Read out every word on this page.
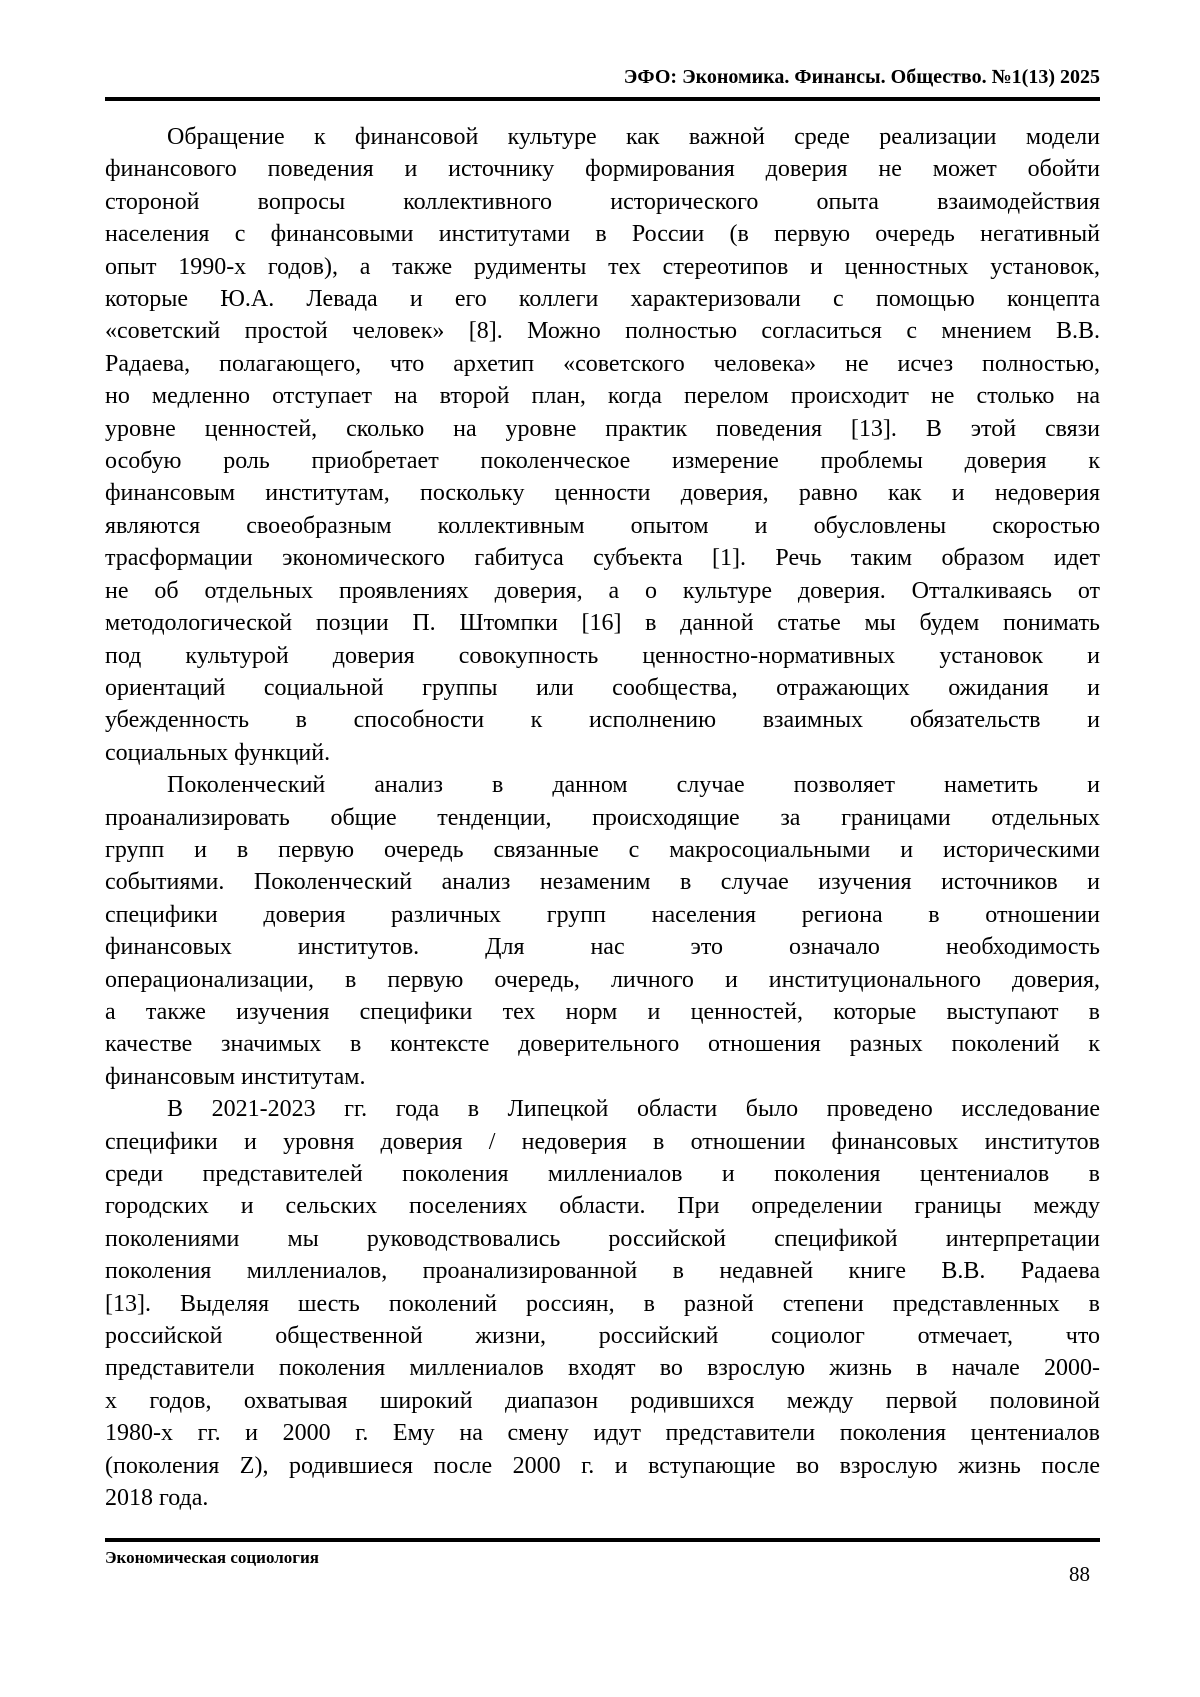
ЭФО: Экономика. Финансы. Общество. №1(13) 2025
Обращение к финансовой культуре как важной среде реализации модели
финансового поведения и источнику формирования доверия не может обойти
стороной вопросы коллективного исторического опыта взаимодействия
населения с финансовыми институтами в России (в первую очередь негативный
опыт 1990-х годов), а также рудименты тех стереотипов и ценностных установок,
которые Ю.А. Левада и его коллеги характеризовали с помощью концепта
«советский простой человек» [8]. Можно полностью согласиться с мнением В.В.
Радаева, полагающего, что архетип «советского человека» не исчез полностью,
но медленно отступает на второй план, когда перелом происходит не столько на
уровне ценностей, сколько на уровне практик поведения [13]. В этой связи
особую роль приобретает поколенческое измерение проблемы доверия к
финансовым институтам, поскольку ценности доверия, равно как и недоверия
являются своеобразным коллективным опытом и обусловлены скоростью
трасформации экономического габитуса субъекта [1]. Речь таким образом идет
не об отдельных проявлениях доверия, а о культуре доверия. Отталкиваясь от
методологической позции П. Штомпки [16] в данной статье мы будем понимать
под культурой доверия совокупность ценностно-нормативных установок и
ориентаций социальной группы или сообщества, отражающих ожидания и
убежденность в способности к исполнению взаимных обязательств и
социальных функций.
Поколенческий анализ в данном случае позволяет наметить и
проанализировать общие тенденции, происходящие за границами отдельных
групп и в первую очередь связанные с макросоциальными и историческими
событиями. Поколенческий анализ незаменим в случае изучения источников и
специфики доверия различных групп населения региона в отношении
финансовых институтов. Для нас это означало необходимость
операционализации, в первую очередь, личного и институционального доверия,
а также изучения специфики тех норм и ценностей, которые выступают в
качестве значимых в контексте доверительного отношения разных поколений к
финансовым институтам.
В 2021-2023 гг. года в Липецкой области было проведено исследование
специфики и уровня доверия / недоверия в отношении финансовых институтов
среди представителей поколения миллениалов и поколения центениалов в
городских и сельских поселениях области. При определении границы между
поколениями мы руководствовались российской спецификой интерпретации
поколения миллениалов, проанализированной в недавней книге В.В. Радаева
[13]. Выделяя шесть поколений россиян, в разной степени представленных в
российской общественной жизни, российский социолог отмечает, что
представители поколения миллениалов входят во взрослую жизнь в начале 2000-
х годов, охватывая широкий диапазон родившихся между первой половиной
1980-х гг. и 2000 г. Ему на смену идут представители поколения центениалов
(поколения Z), родившиеся после 2000 г. и вступающие во взрослую жизнь после
2018 года.
Экономическая социология
88
